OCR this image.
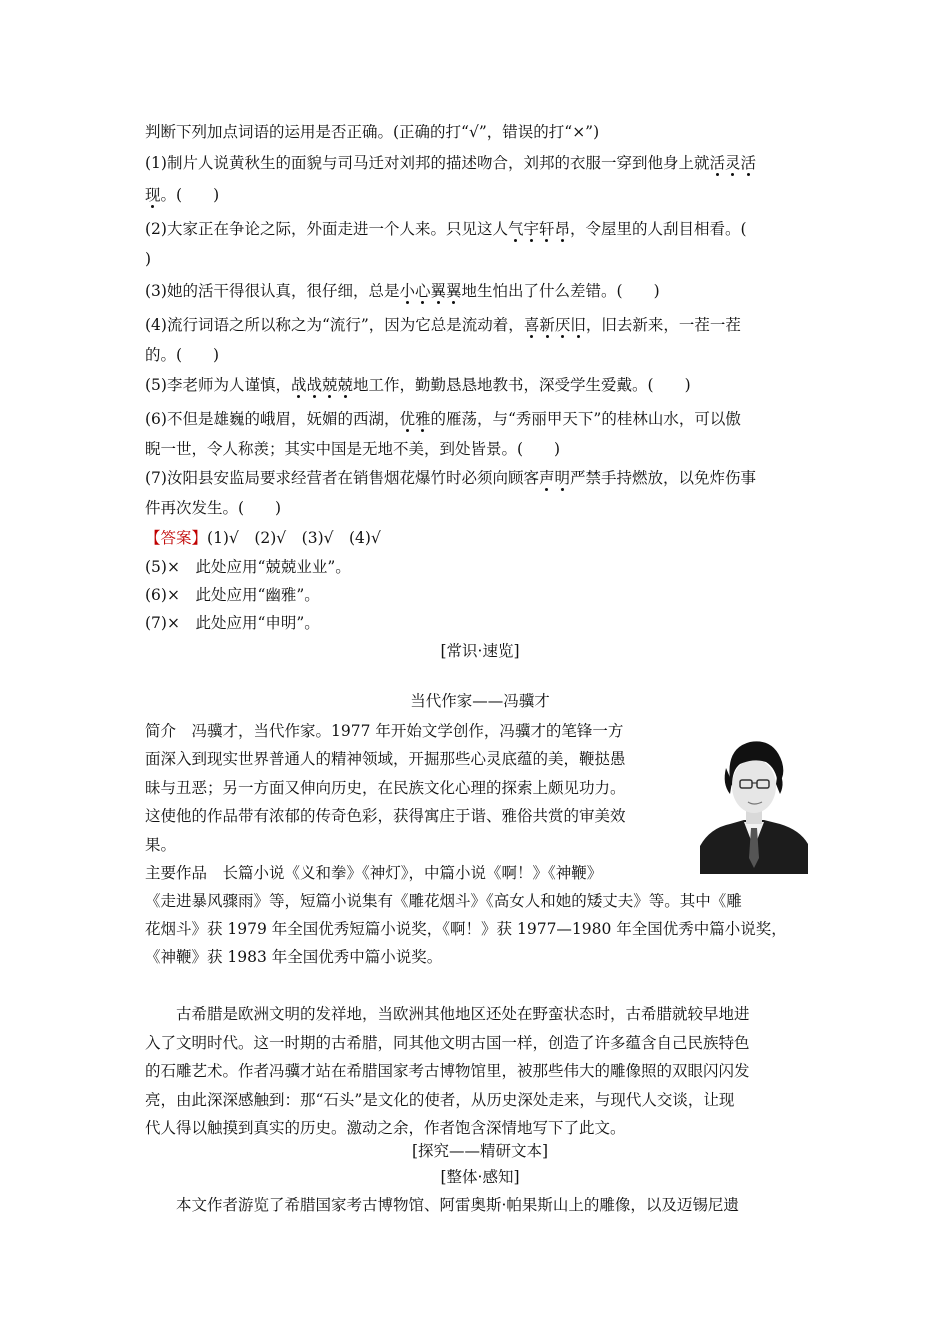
判断下列加点词语的运用是否正确。(正确的打“√”，错误的打“×”)
(1)制片人说黄秋生的面貌与司马迁对刘邦的描述吻合，刘邦的衣服一穿到他身上就活灵活
现。(　　)
(2)大家正在争论之际，外面走进一个人来。只见这人气宇轩昂，令屋里的人刮目相看。(
)
(3)她的活干得很认真，很仔细，总是小心翼翼地生怕出了什么差错。(　　)
(4)流行词语之所以称之为“流行”，因为它总是流动着，喜新厌旧，旧去新来，一茬一茬
的。(　　)
(5)李老师为人谨慎，战战兢兢地工作，勤勤恳恳地教书，深受学生爱戴。(　　)
(6)不但是雄巍的峨眉，妩媚的西湖，优雅的雁荡，与“秀丽甲天下”的桂林山水，可以傲
睨一世，令人称羡；其实中国是无地不美，到处皆景。(　　)
(7)汝阳县安监局要求经营者在销售烟花爆竹时必须向顾客声明严禁手持燃放，以免炸伤事
件再次发生。(　　)
【答案】(1)√　(2)√　(3)√　(4)√
(5)×　此处应用“兢兢业业”。
(6)×　此处应用“幽雅”。
(7)×　此处应用“申明”。
[常识·速览]
当代作家——冯骥才
简介　冯骥才，当代作家。1977 年开始文学创作，冯骥才的笔锋一方
面深入到现实世界普通人的精神领域，开掘那些心灵底蕴的美，鞭挞愚
昧与丑恶；另一方面又伸向历史，在民族文化心理的探索上颇见功力。
这使他的作品带有浓郁的传奇色彩，获得寓庄于谐、雅俗共赏的审美效
果。
主要作品　长篇小说《义和拳》《神灯》，中篇小说《啊！》《神鞭》
《走进暴风骤雨》等，短篇小说集有《雕花烟斗》《高女人和她的矮丈夫》等。其中《雕
花烟斗》获 1979 年全国优秀短篇小说奖，《啊！》获 1977—1980 年全国优秀中篇小说奖，
《神鞭》获 1983 年全国优秀中篇小说奖。
　　古希腊是欧洲文明的发祥地，当欧洲其他地区还处在野蛮状态时，古希腊就较早地进
入了文明时代。这一时期的古希腊，同其他文明古国一样，创造了许多蕴含自己民族特色
的石雕艺术。作者冯骥才站在希腊国家考古博物馆里，被那些伟大的雕像照的双眼闪闪发
亮，由此深深感触到：那“石头”是文化的使者，从历史深处走来，与现代人交谈，让现
代人得以触摸到真实的历史。激动之余，作者饱含深情地写下了此文。
[探究——精研文本]
[整体·感知]
　　本文作者游览了希腊国家考古博物馆、阿雷奥斯·帕果斯山上的雕像，以及迈锡尼遗
